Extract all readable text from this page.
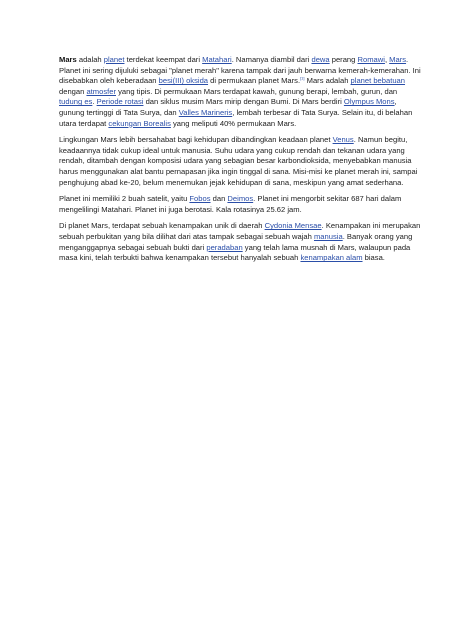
Mars adalah planet terdekat keempat dari Matahari. Namanya diambil dari dewa perang Romawi, Mars. Planet ini sering dijuluki sebagai "planet merah" karena tampak dari jauh berwarna kemerah-kemerahan. Ini disebabkan oleh keberadaan besi(III) oksida di permukaan planet Mars.[1] Mars adalah planet bebatuan dengan atmosfer yang tipis. Di permukaan Mars terdapat kawah, gunung berapi, lembah, gurun, dan tudung es. Periode rotasi dan siklus musim Mars mirip dengan Bumi. Di Mars berdiri Olympus Mons, gunung tertinggi di Tata Surya, dan Valles Marineris, lembah terbesar di Tata Surya. Selain itu, di belahan utara terdapat cekungan Borealis yang meliputi 40% permukaan Mars.

Lingkungan Mars lebih bersahabat bagi kehidupan dibandingkan keadaan planet Venus. Namun begitu, keadaannya tidak cukup ideal untuk manusia. Suhu udara yang cukup rendah dan tekanan udara yang rendah, ditambah dengan komposisi udara yang sebagian besar karbondioksida, menyebabkan manusia harus menggunakan alat bantu pernapasan jika ingin tinggal di sana. Misi-misi ke planet merah ini, sampai penghujung abad ke-20, belum menemukan jejak kehidupan di sana, meskipun yang amat sederhana.

Planet ini memiliki 2 buah satelit, yaitu Fobos dan Deimos. Planet ini mengorbit sekitar 687 hari dalam mengelilingi Matahari. Planet ini juga berotasi. Kala rotasinya 25.62 jam.

Di planet Mars, terdapat sebuah kenampakan unik di daerah Cydonia Mensae. Kenampakan ini merupakan sebuah perbukitan yang bila dilihat dari atas tampak sebagai sebuah wajah manusia. Banyak orang yang menganggapnya sebagai sebuah bukti dari peradaban yang telah lama musnah di Mars, walaupun pada masa kini, telah terbukti bahwa kenampakan tersebut hanyalah sebuah kenampakan alam biasa.
